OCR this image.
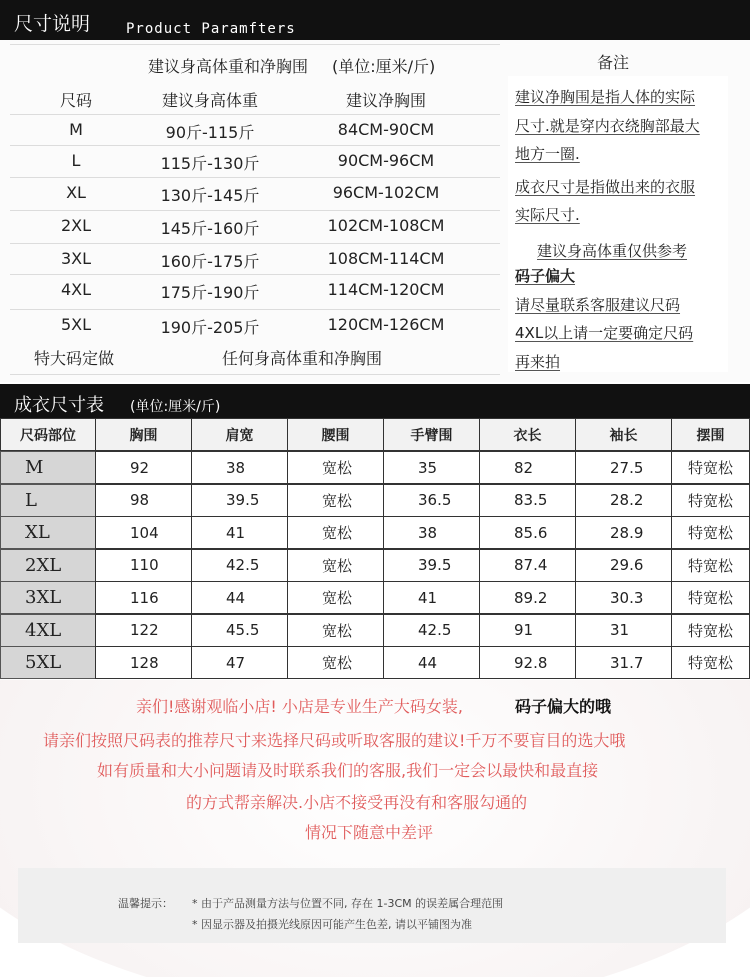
尺寸说明	Product Paramfters
建议身高体重和净胸围 (单位:厘米/斤)	备注
尺码	建议身高体重	建议净胸围
M	90斤-115斤	84CM-90CM
L	115斤-130斤	90CM-96CM
XL	130斤-145斤	96CM-102CM
2XL	145斤-160斤	102CM-108CM
3XL	160斤-175斤	108CM-114CM
4XL	175斤-190斤	114CM-120CM
5XL	190斤-205斤	120CM-126CM
特大码定做	任何身高体重和净胸围
建议净胸围是指人体的实际
尺寸.就是穿内衣绕胸部最大
地方一圈.
成衣尺寸是指做出来的衣服
实际尺寸.
建议身高体重仅供参考
码子偏大
请尽量联系客服建议尺码
4XL以上请一定要确定尺码
再来拍
成衣尺寸表 (单位:厘米/斤)
尺码部位	胸围	肩宽	腰围	手臂围	衣长	袖长	摆围
M	92	38	宽松	35	82	27.5	特宽松
L	98	39.5	宽松	36.5	83.5	28.2	特宽松
XL	104	41	宽松	38	85.6	28.9	特宽松
2XL	110	42.5	宽松	39.5	87.4	29.6	特宽松
3XL	116	44	宽松	41	89.2	30.3	特宽松
4XL	122	45.5	宽松	42.5	91	31	特宽松
5XL	128	47	宽松	44	92.8	31.7	特宽松
亲们!感谢观临小店! 小店是专业生产大码女装,	码子偏大的哦
请亲们按照尺码表的推荐尺寸来选择尺码或听取客服的建议!千万不要盲目的选大哦
如有质量和大小问题请及时联系我们的客服,我们一定会以最快和最直接
的方式帮亲解决.小店不接受再没有和客服勾通的
情况下随意中差评
温馨提示： * 由于产品测量方法与位置不同, 存在 1-3CM 的误差属合理范围
* 因显示器及拍摄光线原因可能产生色差, 请以平铺图为准
